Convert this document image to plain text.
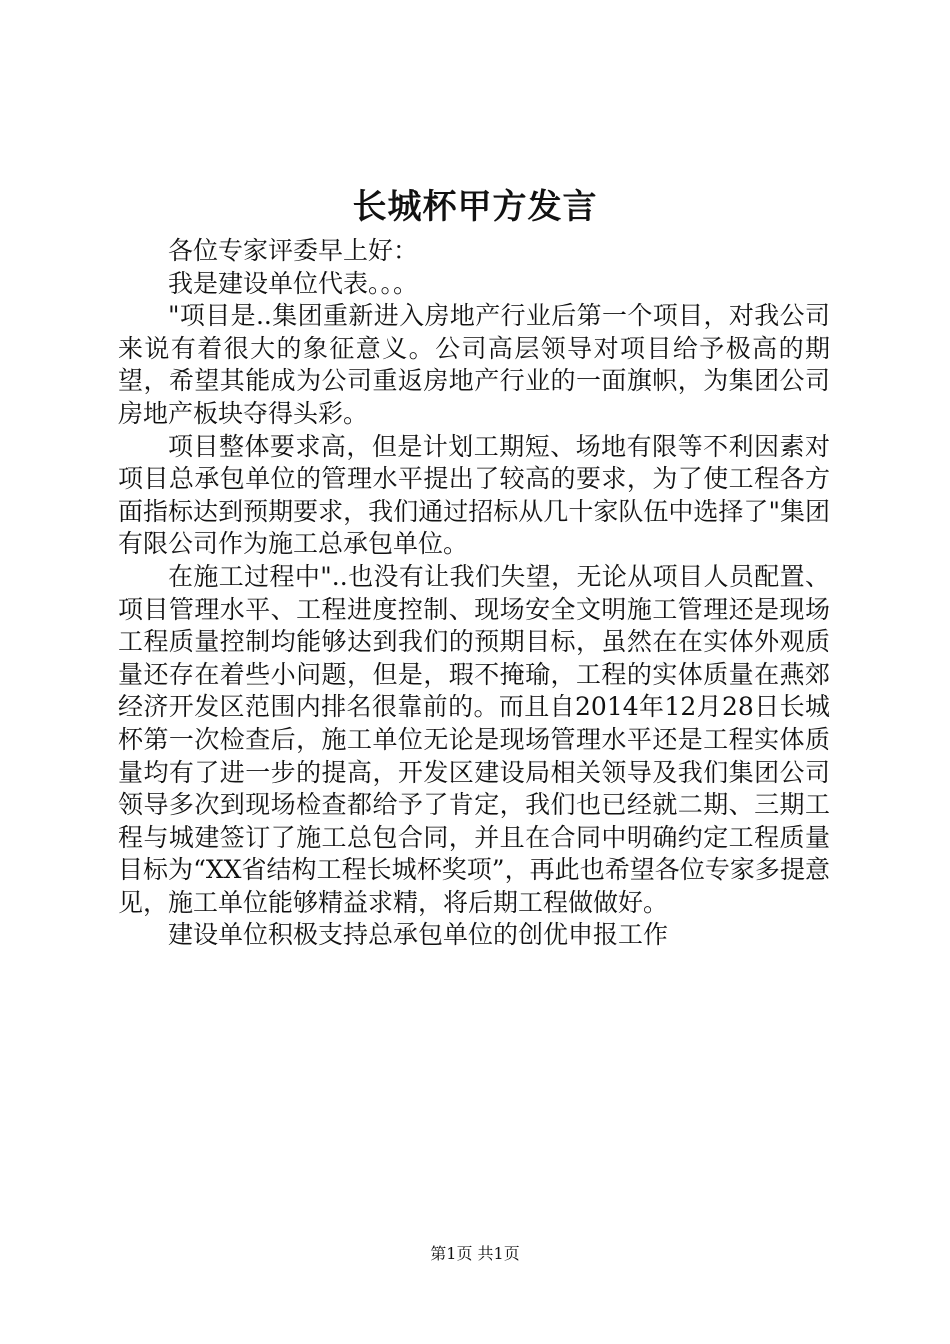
长城杯甲方发言

各位专家评委早上好：

我是建设单位代表。。。

"项目是..集团重新进入房地产行业后第一个项目，对我公司来说有着很大的象征意义。公司高层领导对项目给予极高的期望，希望其能成为公司重返房地产行业的一面旗帜，为集团公司房地产板块夺得头彩。

项目整体要求高，但是计划工期短、场地有限等不利因素对项目总承包单位的管理水平提出了较高的要求，为了使工程各方面指标达到预期要求，我们通过招标从几十家队伍中选择了"集团有限公司作为施工总承包单位。

在施工过程中"..也没有让我们失望，无论从项目人员配置、项目管理水平、工程进度控制、现场安全文明施工管理还是现场工程质量控制均能够达到我们的预期目标，虽然在在实体外观质量还存在着些小问题，但是，瑕不掩瑜，工程的实体质量在燕郊经济开发区范围内排名很靠前的。而且自2014年12月28日长城杯第一次检查后，施工单位无论是现场管理水平还是工程实体质量均有了进一步的提高，开发区建设局相关领导及我们集团公司领导多次到现场检查都给予了肯定，我们也已经就二期、三期工程与城建签订了施工总包合同，并且在合同中明确约定工程质量目标为“XX省结构工程长城杯奖项”，再此也希望各位专家多提意见，施工单位能够精益求精，将后期工程做做好。

建设单位积极支持总承包单位的创优申报工作

第1页 共1页
